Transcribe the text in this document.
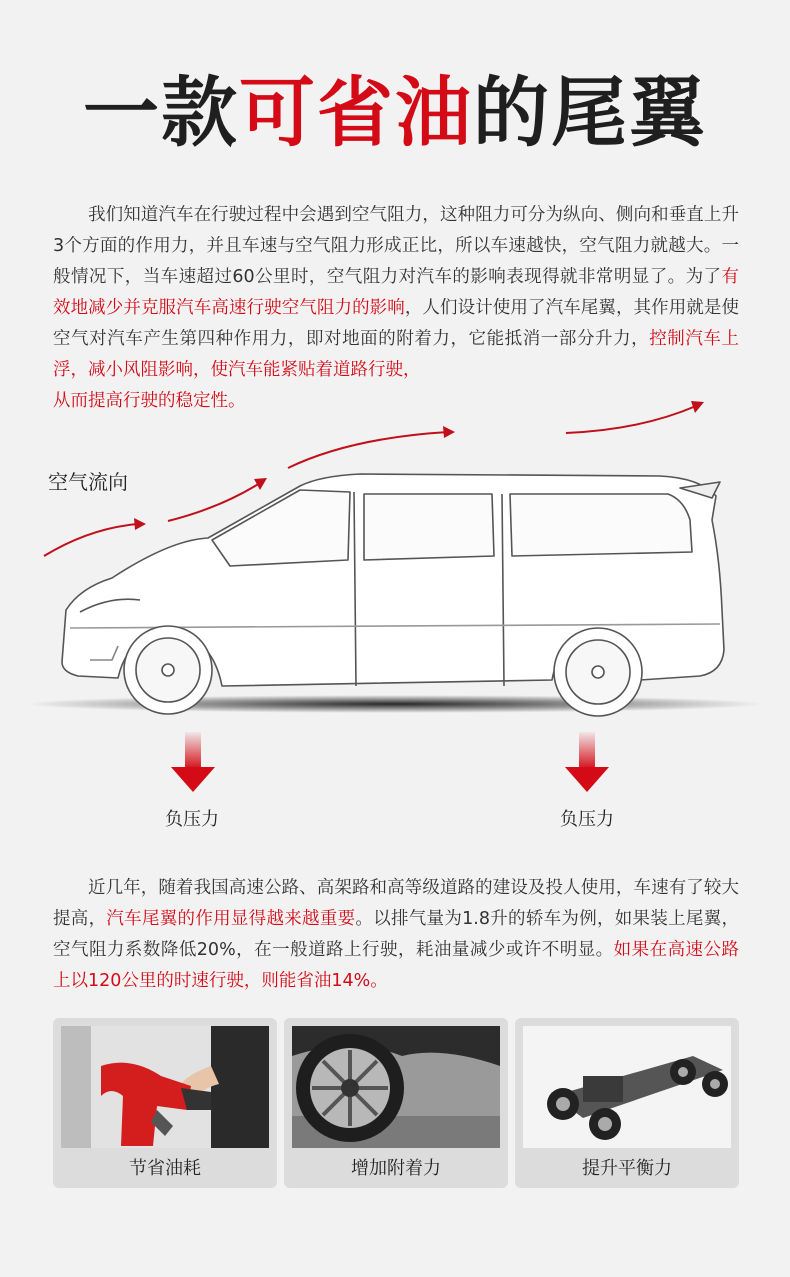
一款可省油的尾翼
我们知道汽车在行驶过程中会遇到空气阻力，这种阻力可分为纵向、侧向和垂直上升3个方面的作用力，并且车速与空气阻力形成正比，所以车速越快，空气阻力就越大。一般情况下，当车速超过60公里时，空气阻力对汽车的影响表现得就非常明显了。为了有效地减少并克服汽车高速行驶空气阻力的影响，人们设计使用了汽车尾翼，其作用就是使空气对汽车产生第四种作用力，即对地面的附着力，它能抵消一部分升力，控制汽车上浮，减小风阻影响，使汽车能紧贴着道路行驶，
从而提高行驶的稳定性。
空气流向
负压力	负压力
近几年，随着我国高速公路、高架路和高等级道路的建设及投人使用，车速有了较大提高，汽车尾翼的作用显得越来越重要。以排气量为1.8升的轿车为例，如果装上尾翼，空气阻力系数降低20%，在一般道路上行驶，耗油量减少或许不明显。如果在高速公路上以120公里的时速行驶，则能省油14%。
节省油耗	增加附着力	提升平衡力
